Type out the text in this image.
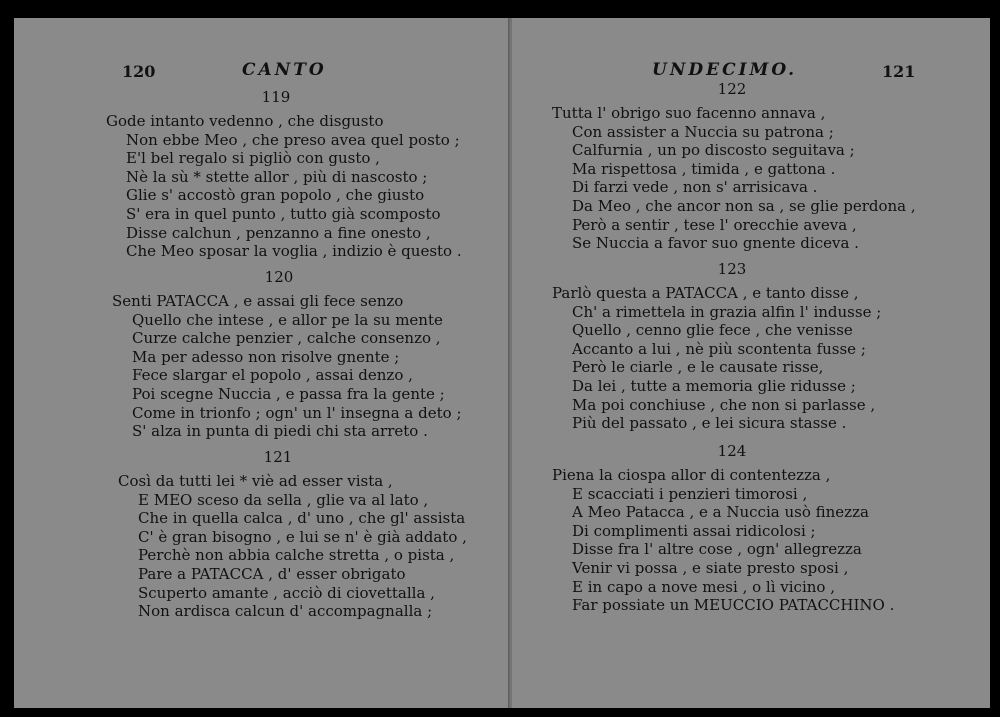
120	CANTO
119
Gode intanto vedenno , che disgusto
Non ebbe Meo , che preso avea quel posto ;
E'l bel regalo si pigliò con gusto ,
Nè la sù * stette allor , più di nascosto ;
Glie s' accostò gran popolo , che giusto
S' era in quel punto , tutto già scomposto
Disse calchun , penzanno a fine onesto ,
Che Meo sposar la voglia , indizio è questo .
120
Senti PATACCA , e assai gli fece senzo
Quello che intese , e allor pe la su mente
Curze calche penzier , calche consenzo ,
Ma per adesso non risolve gnente ;
Fece slargar el popolo , assai denzo ,
Poi scegne Nuccia , e passa fra la gente ;
Come in trionfo ; ogn' un l' insegna a deto ;
S' alza in punta di piedi chi sta arreto .
121
Così da tutti lei * viè ad esser vista ,
E MEO sceso da sella , glie va al lato ,
Che in quella calca , d' uno , che gl' assista
C' è gran bisogno , e lui se n' è già addato ,
Perchè non abbia calche stretta , o pista ,
Pare a PATACCA , d' esser obrigato
Scuperto amante , acciò di ciovettalla ,
Non ardisca calcun d' accompagnalla ;
UNDECIMO.	121
122
Tutta l' obrigo suo facenno annava ,
Con assister a Nuccia su patrona ;
Calfurnia , un po discosto seguitava ;
Ma rispettosa , timida , e gattona .
Di farzi vede , non s' arrisicava .
Da Meo , che ancor non sa , se glie perdona ,
Però a sentir , tese l' orecchie aveva ,
Se Nuccia a favor suo gnente diceva .
123
Parlò questa a PATACCA , e tanto disse ,
Ch' a rimettela in grazia alfin l' indusse ;
Quello , cenno glie fece , che venisse
Accanto a lui , nè più scontenta fusse ;
Però le ciarle , e le causate risse,
Da lei , tutte a memoria glie ridusse ;
Ma poi conchiuse , che non si parlasse ,
Più del passato , e lei sicura stasse .
124
Piena la ciospa allor di contentezza ,
E scacciati i penzieri timorosi ,
A Meo Patacca , e a Nuccia usò finezza
Di complimenti assai ridicolosi ;
Disse fra l' altre cose , ogn' allegrezza
Venir vi possa , e siate presto sposi ,
E in capo a nove mesi , o lì vicino ,
Far possiate un MEUCCIO PATACCHINO .
